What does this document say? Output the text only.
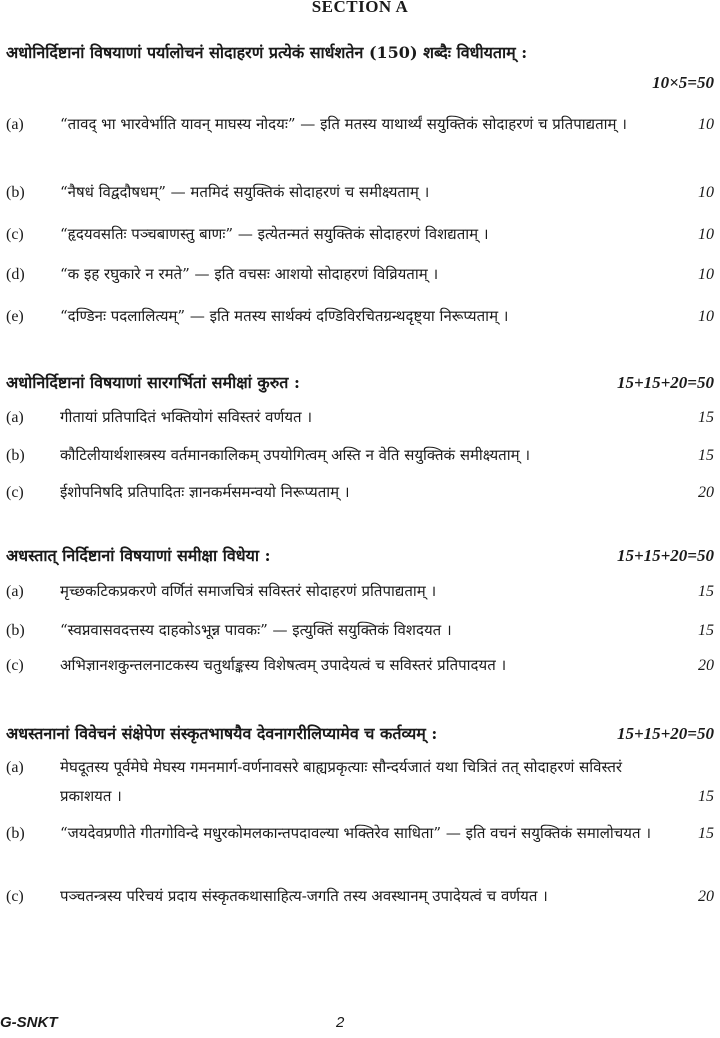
SECTION A
10×5=50
अधोनिर्दिष्टानां विषयाणां पर्यालोचनं सोदाहरणं प्रत्येकं सार्धशतेन (150) शब्दैः विधीयताम् :
(a)	“तावद् भा भारवेर्भाति यावन् माघस्य नोदयः” — इति मतस्य याथार्थ्यं सयुक्तिकं सोदाहरणं च प्रतिपाद्यताम् ।	10
(b)	“नैषधं विद्वदौषधम्” — मतमिदं सयुक्तिकं सोदाहरणं च समीक्ष्यताम् ।	10
(c)	“हृदयवसतिः पञ्चबाणस्तु बाणः” — इत्येतन्मतं सयुक्तिकं सोदाहरणं विशद्यताम् ।	10
(d)	“क इह रघुकारे न रमते” — इति वचसः आशयो सोदाहरणं विव्रियताम् ।	10
(e)	“दण्डिनः पदलालित्यम्” — इति मतस्य सार्थक्यं दण्डिविरचितग्रन्थदृष्ट्या निरूप्यताम् ।	10
15+15+20=50
अधोनिर्दिष्टानां विषयाणां सारगर्भितां समीक्षां कुरुत :
(a)	गीतायां प्रतिपादितं भक्तियोगं सविस्तरं वर्णयत ।	15
(b)	कौटिलीयार्थशास्त्रस्य वर्तमानकालिकम् उपयोगित्वम् अस्ति न वेति सयुक्तिकं समीक्ष्यताम् ।	15
(c)	ईशोपनिषदि प्रतिपादितः ज्ञानकर्मसमन्वयो निरूप्यताम् ।	20
15+15+20=50
अधस्तात् निर्दिष्टानां विषयाणां समीक्षा विधेया :
(a)	मृच्छकटिकप्रकरणे वर्णितं समाजचित्रं सविस्तरं सोदाहरणं प्रतिपाद्यताम् ।	15
(b)	“स्वप्नवासवदत्तस्य दाहकोऽभून्न पावकः” — इत्युक्तिं सयुक्तिकं विशदयत ।	15
(c)	अभिज्ञानशकुन्तलनाटकस्य चतुर्थाङ्कस्य विशेषत्वम् उपादेयत्वं च सविस्तरं प्रतिपादयत ।	20
15+15+20=50
अधस्तनानां विवेचनं संक्षेपेण संस्कृतभाषयैव देवनागरीलिप्यामेव च कर्तव्यम् :
(a)	मेघदूतस्य पूर्वमेघे मेघस्य गमनमार्ग-वर्णनावसरे बाह्यप्रकृत्याः सौन्दर्यजातं यथा चित्रितं तत् सोदाहरणं सविस्तरं प्रकाशयत ।	15
(b)	“जयदेवप्रणीते गीतगोविन्दे मधुरकोमलकान्तपदावल्या भक्तिरेव साधिता” — इति वचनं सयुक्तिकं समालोचयत ।	15
(c)	पञ्चतन्त्रस्य परिचयं प्रदाय संस्कृतकथासाहित्य-जगति तस्य अवस्थानम् उपादेयत्वं च वर्णयत ।	20
G-SNKT	2
